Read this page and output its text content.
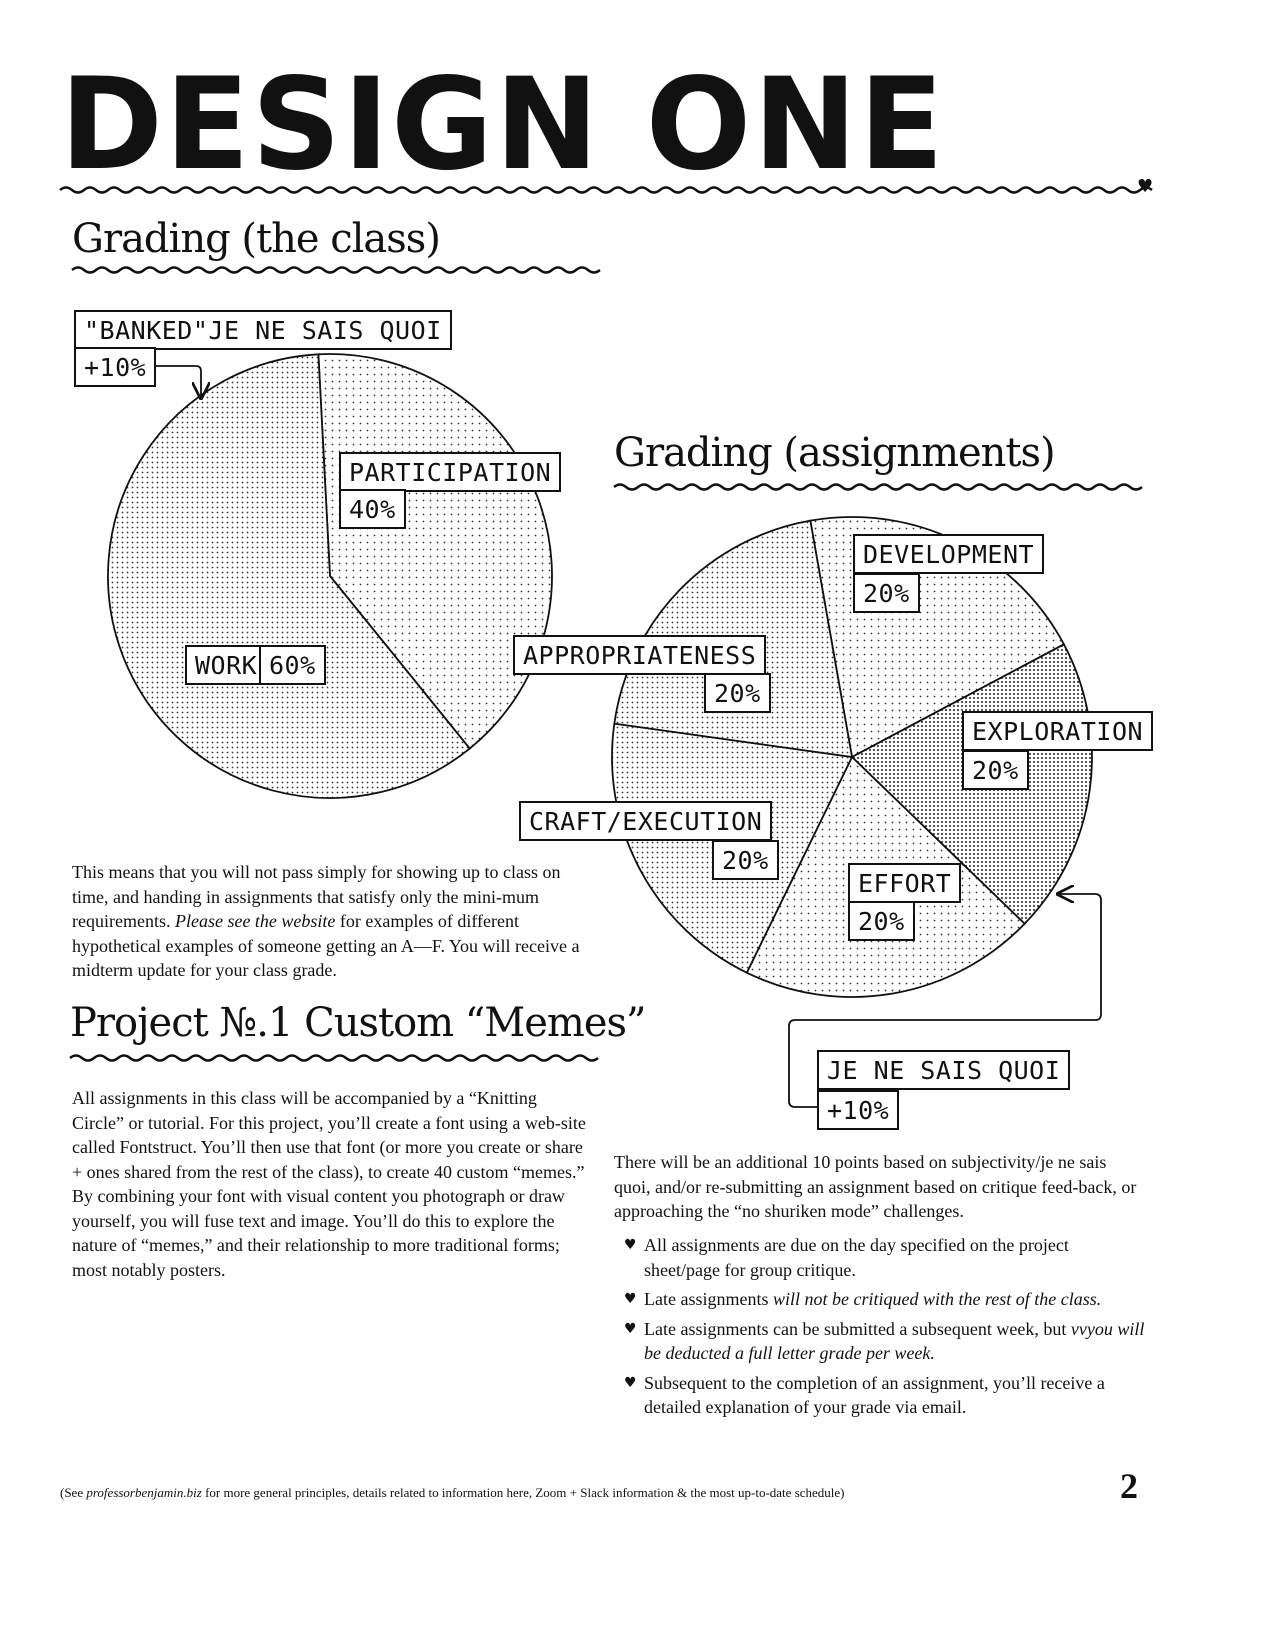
DESIGN ONE	♥
Grading (the class)
Grading (assignments)
Project №.1 Custom “Memes”
"BANKED"JE NE SAIS QUOI
+10%
PARTICIPATION
40%
WORK 60%
DEVELOPMENT
20%
APPROPRIATENESS
20%
EXPLORATION
20%
CRAFT/EXECUTION
20%
EFFORT
20%
JE NE SAIS QUOI
+10%

This means that you will not pass simply for showing up to class on time, and handing in assignments that satisfy only the mini-mum requirements. Please see the website for examples of different hypothetical examples of someone getting an A—F. You will receive a midterm update for your class grade.

All assignments in this class will be accompanied by a “Knitting Circle” or tutorial. For this project, you’ll create a font using a web-site called Fontstruct. You’ll then use that font (or more you create or share + ones shared from the rest of the class), to create 40 custom “memes.” By combining your font with visual content you photograph or draw yourself, you will fuse text and image. You’ll do this to explore the nature of “memes,” and their relationship to more traditional forms; most notably posters.

There will be an additional 10 points based on subjectivity/je ne sais quoi, and/or re-submitting an assignment based on critique feed-back, or approaching the “no shuriken mode” challenges.

♥ All assignments are due on the day specified on the project sheet/page for group critique.
♥ Late assignments will not be critiqued with the rest of the class.
♥ Late assignments can be submitted a subsequent week, but vvyou will be deducted a full letter grade per week.
♥ Subsequent to the completion of an assignment, you’ll receive a detailed explanation of your grade via email.
(See professorbenjamin.biz for more general principles, details related to information here, Zoom + Slack information & the most up-to-date schedule)	2
